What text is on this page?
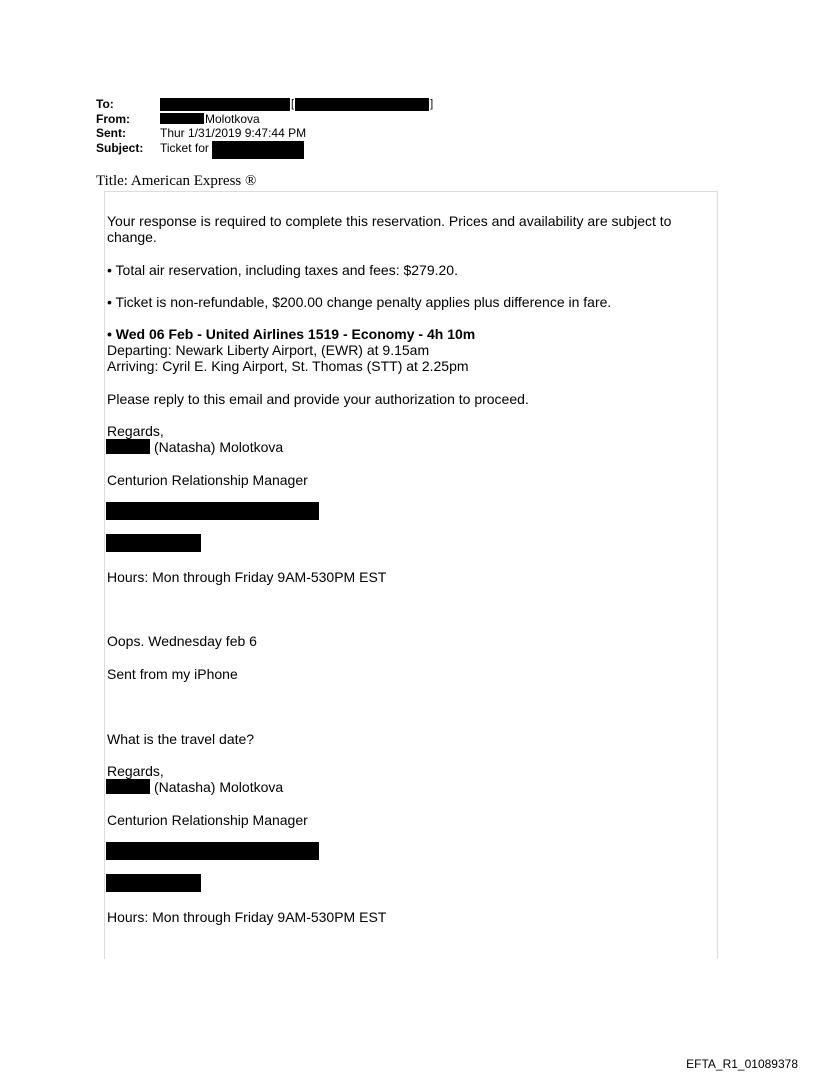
To:	[	]
From:	Molotkova
Sent:	Thur 1/31/2019 9:47:44 PM
Subject:	Ticket for
Title: American Express ®
Your response is required to complete this reservation. Prices and availability are subject to
change.
• Total air reservation, including taxes and fees: $279.20.
• Ticket is non-refundable, $200.00 change penalty applies plus difference in fare.
• Wed 06 Feb - United Airlines 1519 - Economy - 4h 10m
Departing: Newark Liberty Airport, (EWR) at 9.15am
Arriving: Cyril E. King Airport, St. Thomas (STT) at 2.25pm
Please reply to this email and provide your authorization to proceed.
Regards,
(Natasha) Molotkova
Centurion Relationship Manager
Hours: Mon through Friday 9AM-530PM EST
Oops. Wednesday feb 6
Sent from my iPhone
What is the travel date?
Regards,
(Natasha) Molotkova
Centurion Relationship Manager
Hours: Mon through Friday 9AM-530PM EST
EFTA_R1_01089378
